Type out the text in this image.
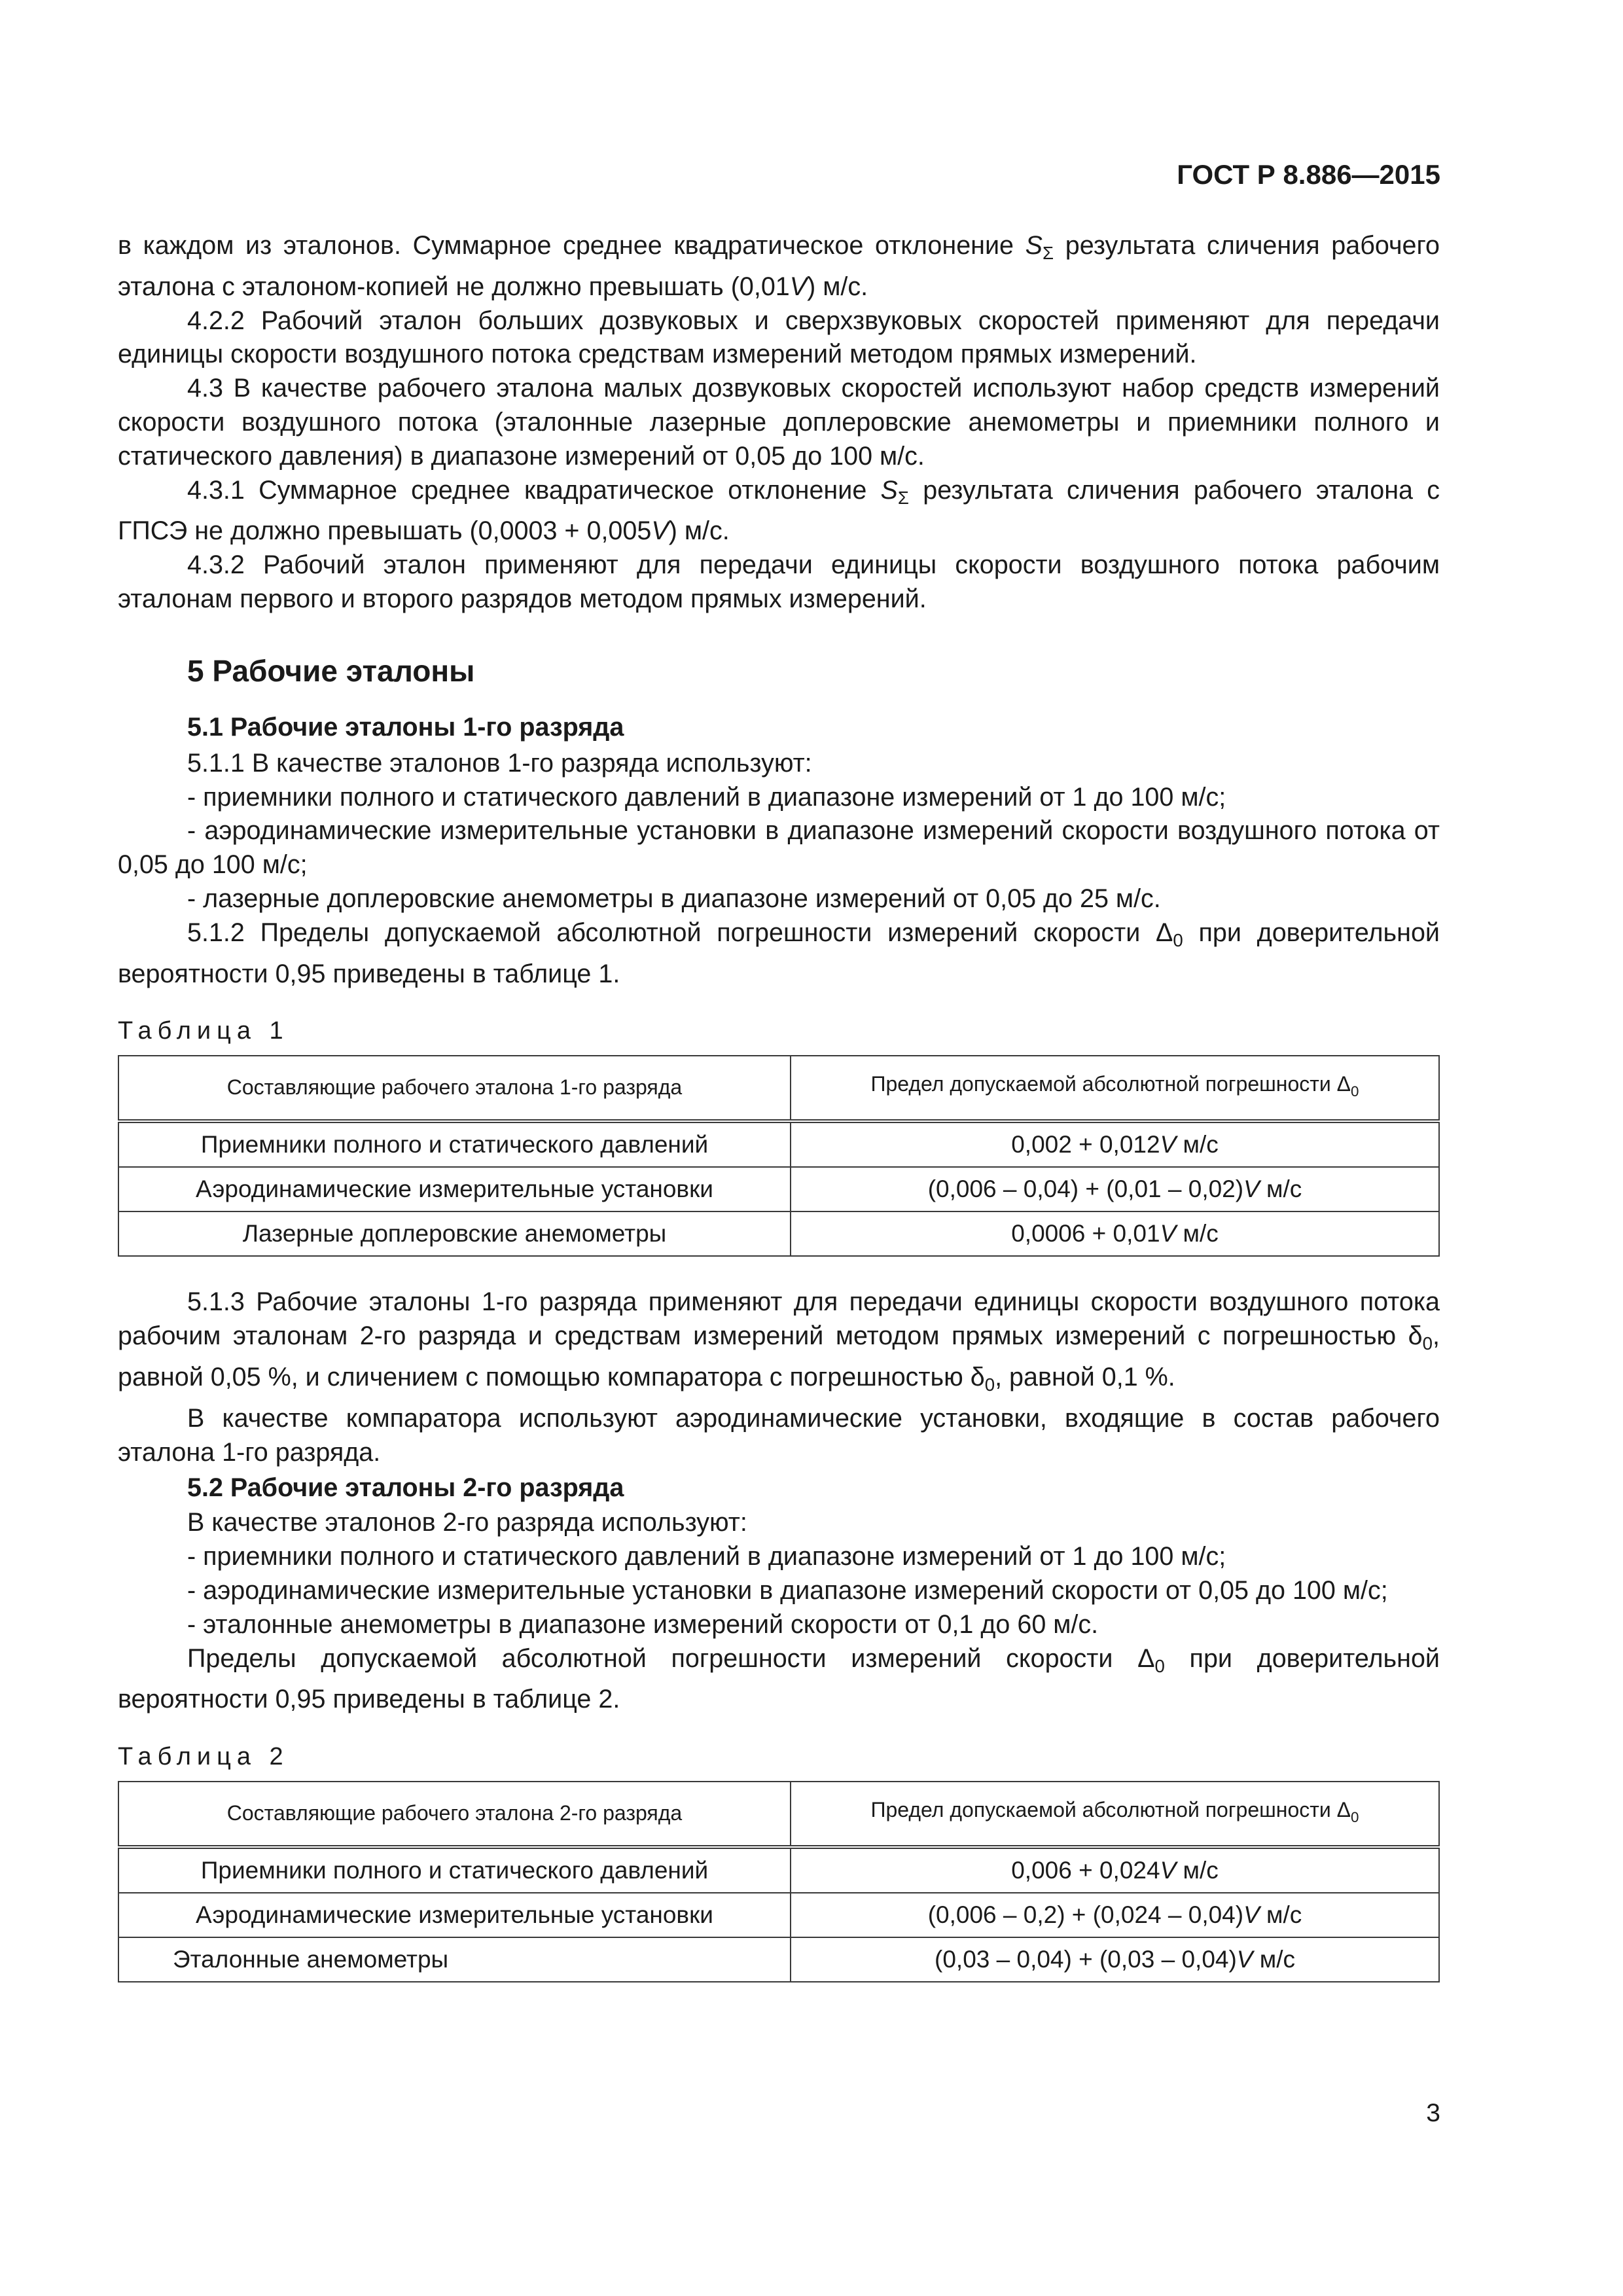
ГОСТ Р 8.886—2015

в каждом из эталонов. Суммарное среднее квадратическое отклонение $S_\Sigma$ результата сличения рабочего эталона с эталоном-копией не должно превышать (0,01V) м/с.

4.2.2 Рабочий эталон больших дозвуковых и сверхзвуковых скоростей применяют для передачи единицы скорости воздушного потока средствам измерений методом прямых измерений.

4.3 В качестве рабочего эталона малых дозвуковых скоростей используют набор средств измерений скорости воздушного потока (эталонные лазерные доплеровские анемометры и приемники полного и статического давления) в диапазоне измерений от 0,05 до 100 м/с.

4.3.1 Суммарное среднее квадратическое отклонение $S_\Sigma$ результата сличения рабочего эталона с ГПСЭ не должно превышать (0,0003 + 0,005V) м/с.

4.3.2 Рабочий эталон применяют для передачи единицы скорости воздушного потока рабочим эталонам первого и второго разрядов методом прямых измерений.

5 Рабочие эталоны
5.1 Рабочие эталоны 1-го разряда

5.1.1 В качестве эталонов 1-го разряда используют:

- приемники полного и статического давлений в диапазоне измерений от 1 до 100 м/с;

- аэродинамические измерительные установки в диапазоне измерений скорости воздушного потока от 0,05 до 100 м/с;

- лазерные доплеровские анемометры в диапазоне измерений от 0,05 до 25 м/с.

5.1.2 Пределы допускаемой абсолютной погрешности измерений скорости $\Delta_0$ при доверительной вероятности 0,95 приведены в таблице 1.

Таблица 1
Составляющие рабочего эталона 1-го разряда	Предел допускаемой абсолютной погрешности $\Delta_0$
Приемники полного и статического давлений	0,002 + 0,012V м/с
Аэродинамические измерительные установки	(0,006 – 0,04) + (0,01 – 0,02)V м/с
Лазерные доплеровские анемометры	0,0006 + 0,01V м/с

5.1.3 Рабочие эталоны 1-го разряда применяют для передачи единицы скорости воздушного потока рабочим эталонам 2-го разряда и средствам измерений методом прямых измерений с погрешностью $\delta_0$, равной 0,05 %, и сличением с помощью компаратора с погрешностью $\delta_0$, равной 0,1 %.

В качестве компаратора используют аэродинамические установки, входящие в состав рабочего эталона 1-го разряда.

5.2 Рабочие эталоны 2-го разряда

В качестве эталонов 2-го разряда используют:

- приемники полного и статического давлений в диапазоне измерений от 1 до 100 м/с;

- аэродинамические измерительные установки в диапазоне измерений скорости от 0,05 до 100 м/с;

- эталонные анемометры в диапазоне измерений скорости от 0,1 до 60 м/с.

Пределы допускаемой абсолютной погрешности измерений скорости $\Delta_0$ при доверительной вероятности 0,95 приведены в таблице 2.

Таблица 2
Составляющие рабочего эталона 2-го разряда	Предел допускаемой абсолютной погрешности $\Delta_0$
Приемники полного и статического давлений	0,006 + 0,024V м/с
Аэродинамические измерительные установки	(0,006 – 0,2) + (0,024 – 0,04)V м/с
Эталонные анемометры	(0,03 – 0,04) + (0,03 – 0,04)V м/с
3
